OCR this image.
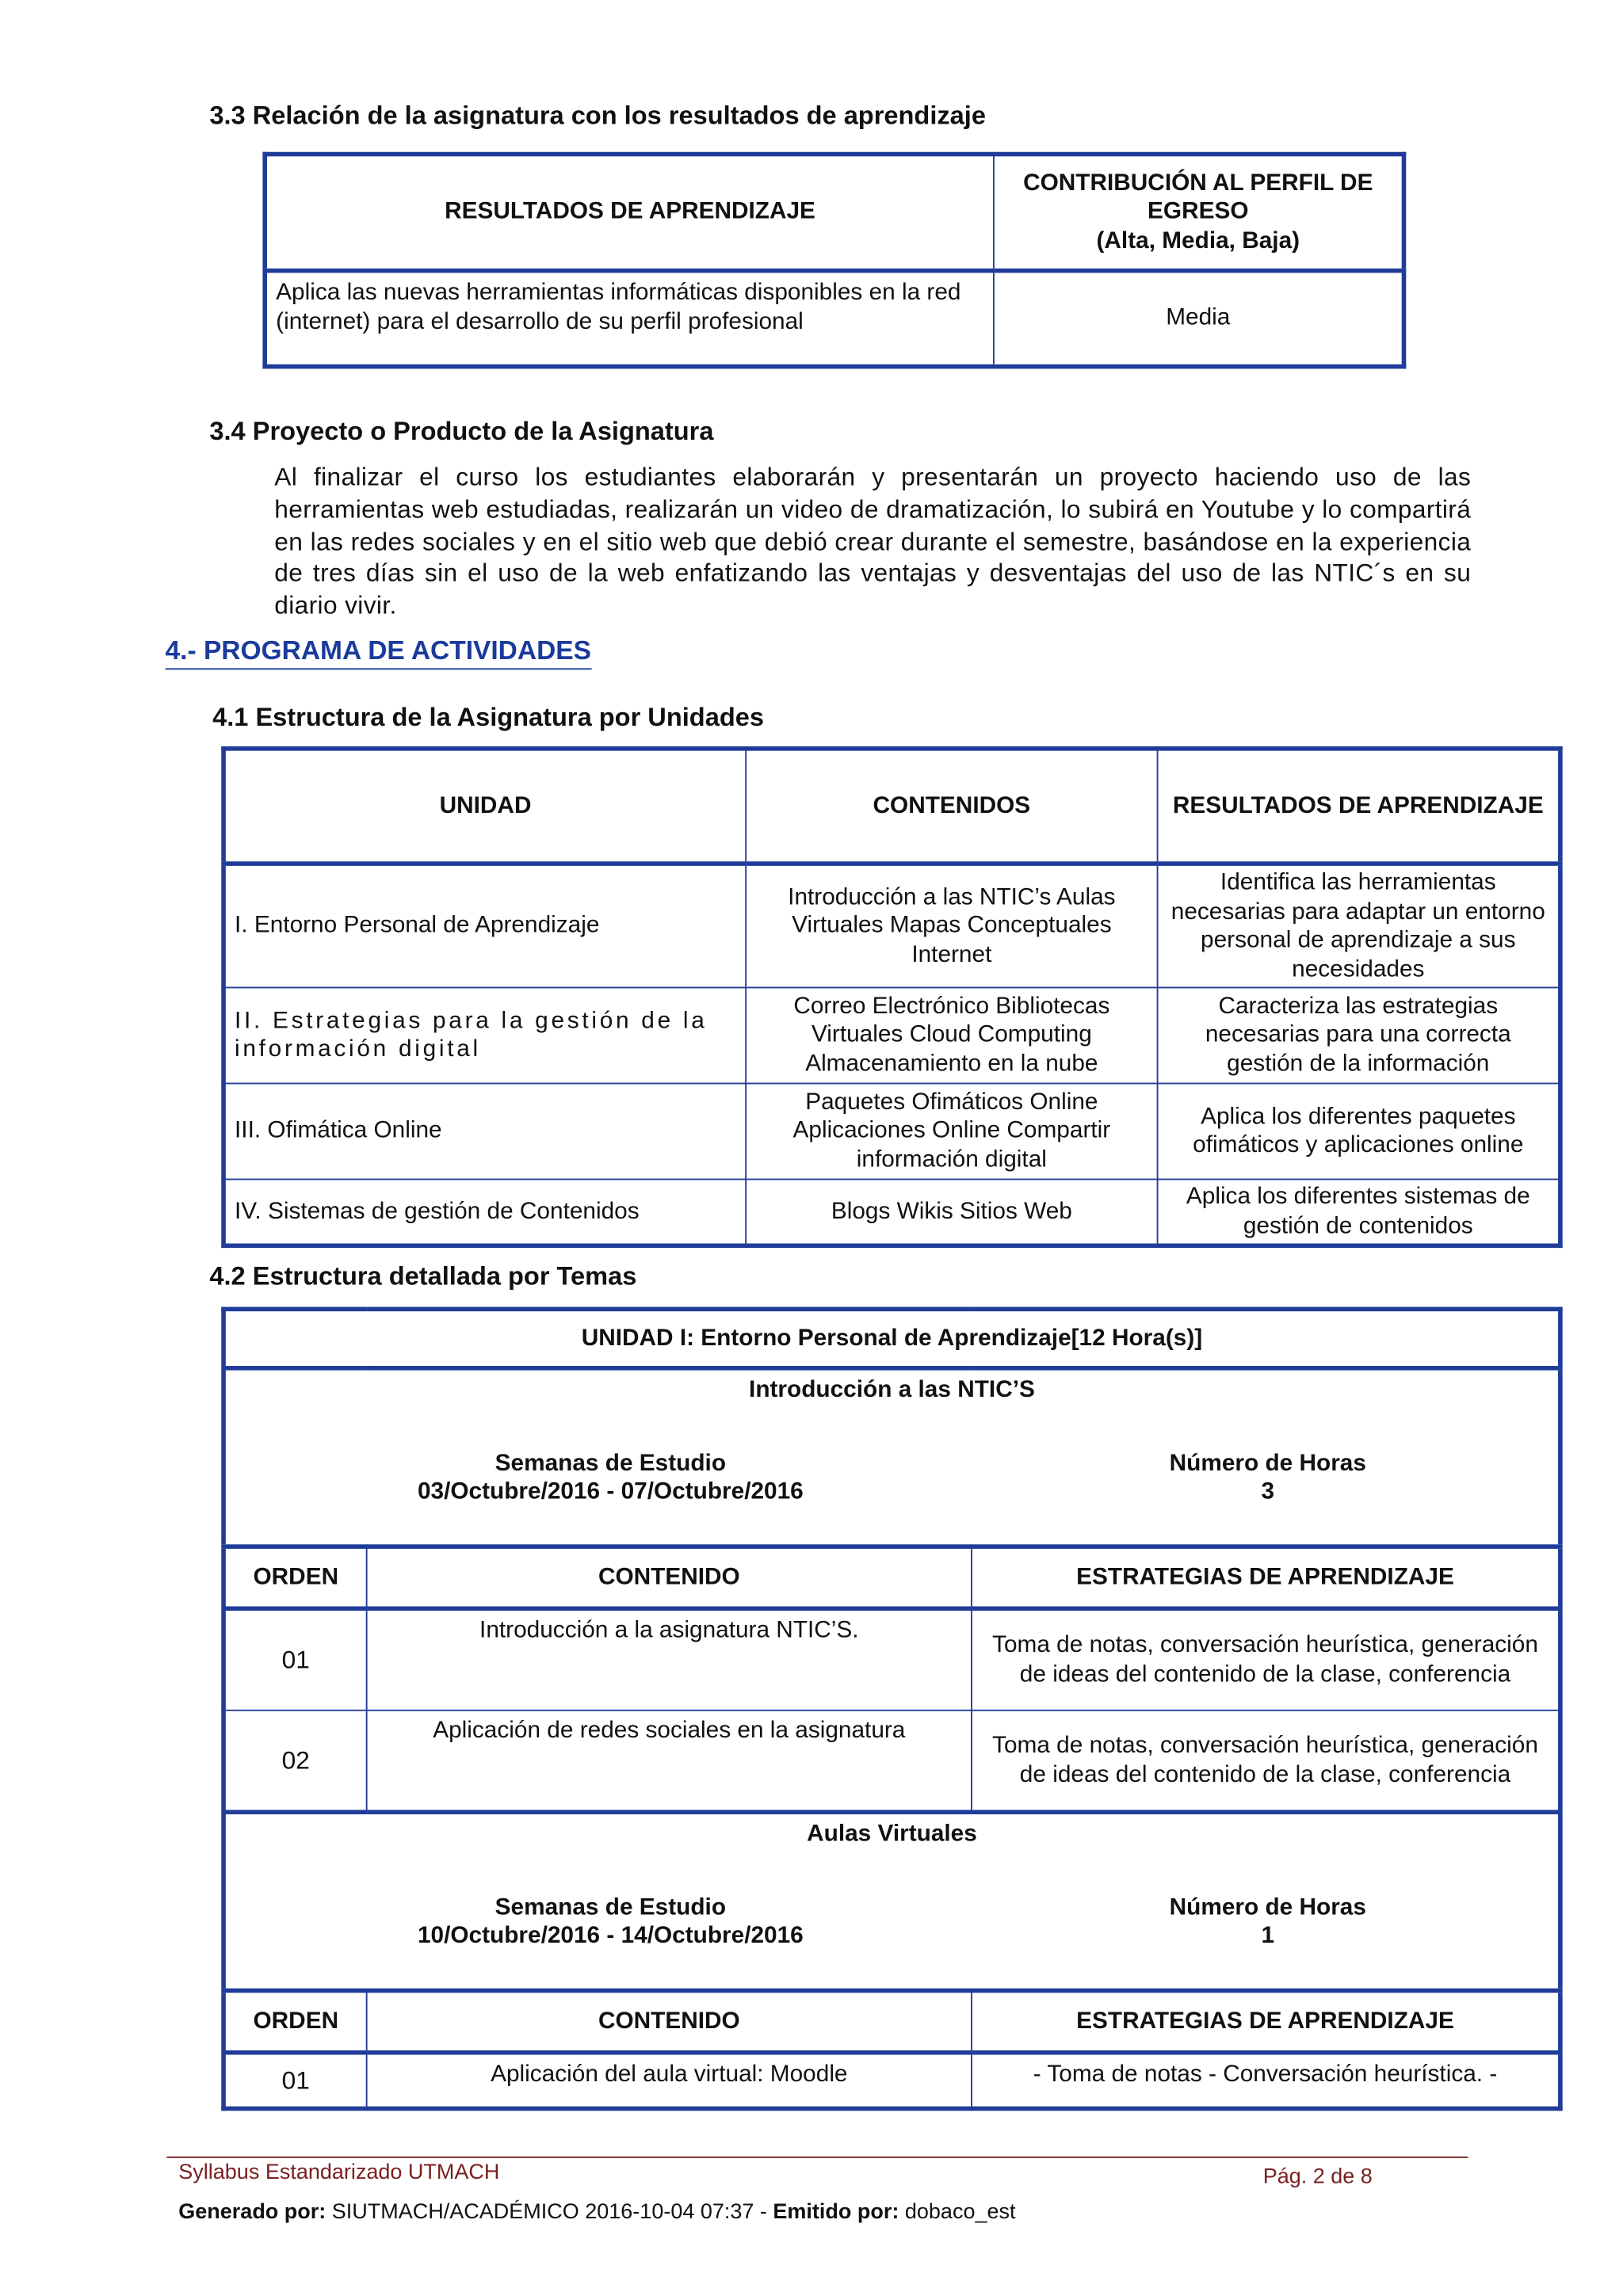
3.3 Relación de la asignatura con los resultados de aprendizaje
RESULTADOS DE APRENDIZAJE	CONTRIBUCIÓN AL PERFIL DE EGRESO
(Alta, Media, Baja)
Aplica las nuevas herramientas informáticas disponibles en la red (internet) para el desarrollo de su perfil profesional	Media
3.4 Proyecto o Producto de la Asignatura
Al finalizar el curso los estudiantes elaborarán y presentarán un proyecto haciendo uso de las herramientas web estudiadas, realizarán un video de dramatización, lo subirá en Youtube y lo compartirá en las redes sociales y en el sitio web que debió crear durante el semestre, basándose en la experiencia de tres días sin el uso de la web enfatizando las ventajas y desventajas del uso de las NTIC´s en su diario vivir.
4.- PROGRAMA DE ACTIVIDADES
4.1 Estructura de la Asignatura por Unidades
UNIDAD	CONTENIDOS	RESULTADOS DE APRENDIZAJE
I. Entorno Personal de Aprendizaje	Introducción a las NTIC’s Aulas Virtuales Mapas Conceptuales Internet	Identifica las herramientas necesarias para adaptar un entorno personal de aprendizaje a sus necesidades
II. Estrategias para la gestión de la información digital	Correo Electrónico Bibliotecas Virtuales Cloud Computing Almacenamiento en la nube	Caracteriza las estrategias necesarias para una correcta gestión de la información
III. Ofimática Online	Paquetes Ofimáticos Online Aplicaciones Online Compartir información digital	Aplica los diferentes paquetes ofimáticos y aplicaciones online
IV. Sistemas de gestión de Contenidos	Blogs Wikis Sitios Web	Aplica los diferentes sistemas de gestión de contenidos
4.2 Estructura detallada por Temas
UNIDAD I: Entorno Personal de Aprendizaje[12 Hora(s)]		

Introducción a las NTIC’S
Semanas de Estudio
03/Octubre/2016 - 07/Octubre/2016
Número de Horas
3		

ORDEN	CONTENIDO	ESTRATEGIAS DE APRENDIZAJE
01	Introducción a la asignatura NTIC’S.	Toma de notas, conversación heurística, generación de ideas del contenido de la clase, conferencia
02	Aplicación de redes sociales en la asignatura	Toma de notas, conversación heurística, generación de ideas del contenido de la clase, conferencia

Aulas Virtuales
Semanas de Estudio
10/Octubre/2016 - 14/Octubre/2016
Número de Horas
1		

ORDEN	CONTENIDO	ESTRATEGIAS DE APRENDIZAJE
01	Aplicación del aula virtual: Moodle	- Toma de notas - Conversación heurística. -
Syllabus Estandarizado UTMACH	Pág. 2 de 8
Generado por: SIUTMACH/ACADÉMICO 2016-10-04 07:37 - Emitido por: dobaco_est
